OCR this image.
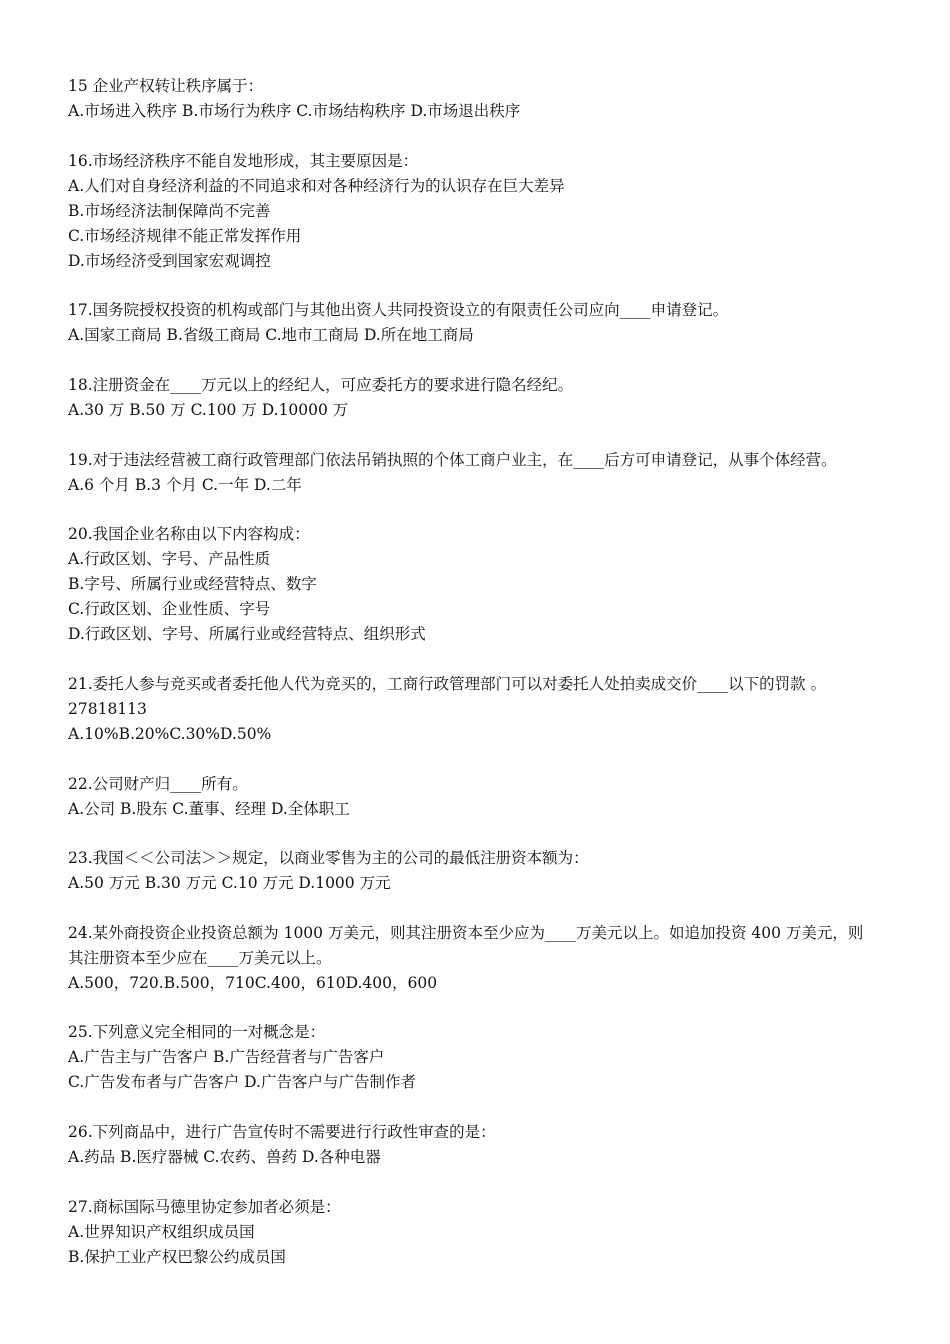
15 企业产权转让秩序属于：
A.市场进入秩序 B.市场行为秩序 C.市场结构秩序 D.市场退出秩序
16.市场经济秩序不能自发地形成，其主要原因是：
A.人们对自身经济利益的不同追求和对各种经济行为的认识存在巨大差异
B.市场经济法制保障尚不完善
C.市场经济规律不能正常发挥作用
D.市场经济受到国家宏观调控
17.国务院授权投资的机构或部门与其他出资人共同投资设立的有限责任公司应向____申请登记。
A.国家工商局 B.省级工商局 C.地市工商局 D.所在地工商局
18.注册资金在____万元以上的经纪人，可应委托方的要求进行隐名经纪。
A.30 万 B.50 万 C.100 万 D.10000 万
19.对于违法经营被工商行政管理部门依法吊销执照的个体工商户业主，在____后方可申请登记，从事个体经营。
A.6 个月 B.3 个月 C.一年 D.二年
20.我国企业名称由以下内容构成：
A.行政区划、字号、产品性质
B.字号、所属行业或经营特点、数字
C.行政区划、企业性质、字号
D.行政区划、字号、所属行业或经营特点、组织形式
21.委托人参与竞买或者委托他人代为竞买的，工商行政管理部门可以对委托人处拍卖成交价____以下的罚款 。
27818113
A.10%B.20%C.30%D.50%
22.公司财产归____所有。
A.公司 B.股东 C.董事、经理 D.全体职工
23.我国＜＜公司法＞＞规定，以商业零售为主的公司的最低注册资本额为：
A.50 万元 B.30 万元 C.10 万元 D.1000 万元
24.某外商投资企业投资总额为 1000 万美元，则其注册资本至少应为____万美元以上。如追加投资 400 万美元，则
其注册资本至少应在____万美元以上。
A.500，720.B.500，710C.400，610D.400，600
25.下列意义完全相同的一对概念是：
A.广告主与广告客户 B.广告经营者与广告客户
C.广告发布者与广告客户 D.广告客户与广告制作者
26.下列商品中，进行广告宣传时不需要进行行政性审查的是：
A.药品 B.医疗器械 C.农药、兽药 D.各种电器
27.商标国际马德里协定参加者必须是：
A.世界知识产权组织成员国
B.保护工业产权巴黎公约成员国
